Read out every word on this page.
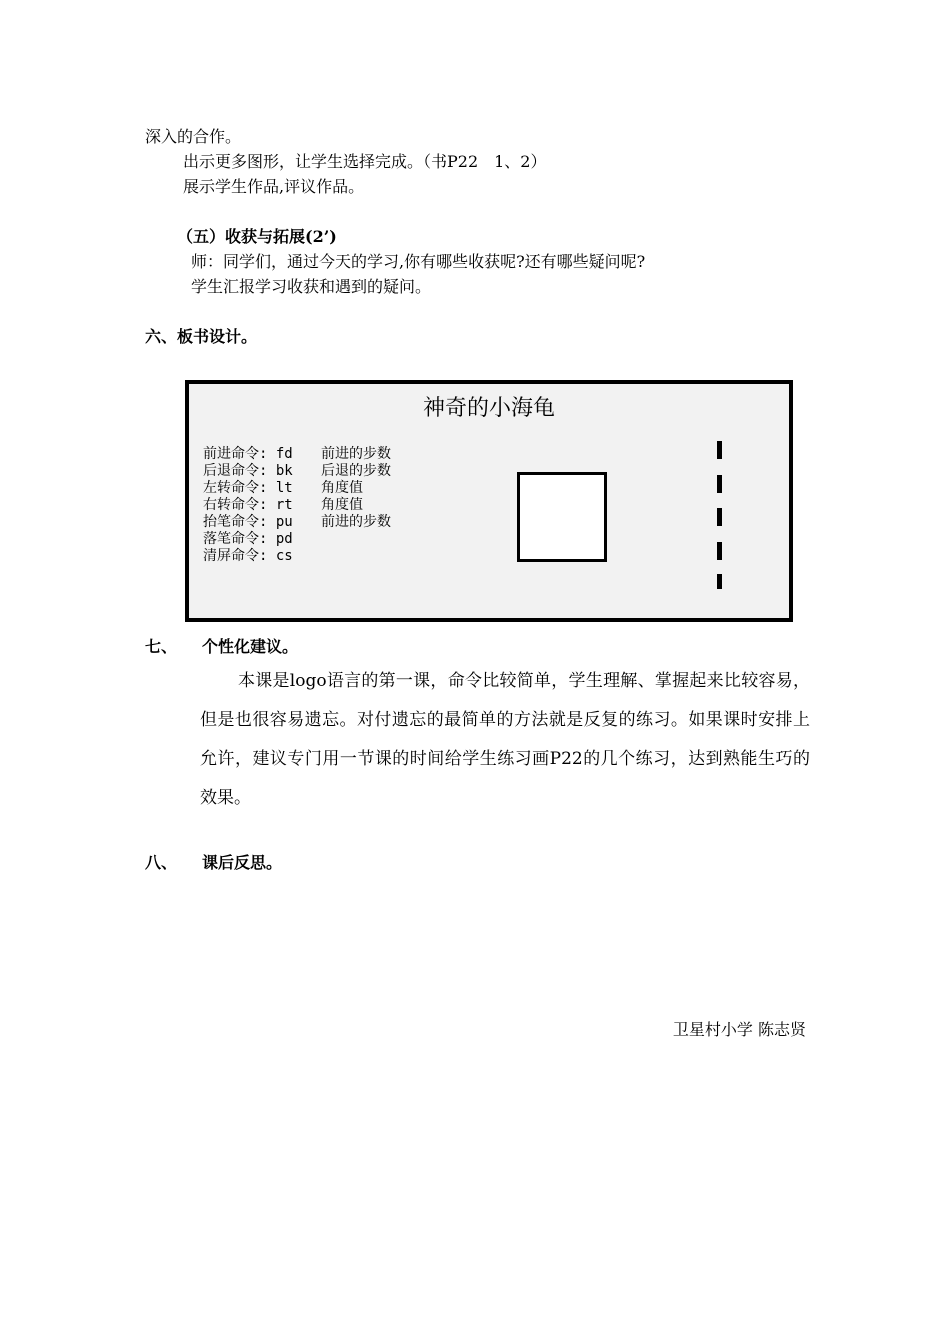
深入的合作。
出示更多图形，让学生选择完成。（书P22　1、2）
展示学生作品,评议作品。
（五）收获与拓展(2’)
师：同学们，通过今天的学习,你有哪些收获呢?还有哪些疑问呢?
学生汇报学习收获和遇到的疑问。
六、板书设计。
神奇的小海龟
前进命令: fd 前进的步数
后退命令: bk 后退的步数
左转命令: lt 角度值
右转命令: rt 角度值
抬笔命令: pu 前进的步数
落笔命令: pd
清屏命令: cs
七、 个性化建议。
本课是logo语言的第一课，命令比较简单，学生理解、掌握起来比较容易，但是也很容易遗忘。对付遗忘的最简单的方法就是反复的练习。如果课时安排上允许，建议专门用一节课的时间给学生练习画P22的几个练习，达到熟能生巧的效果。
八、 课后反思。
卫星村小学 陈志贤
